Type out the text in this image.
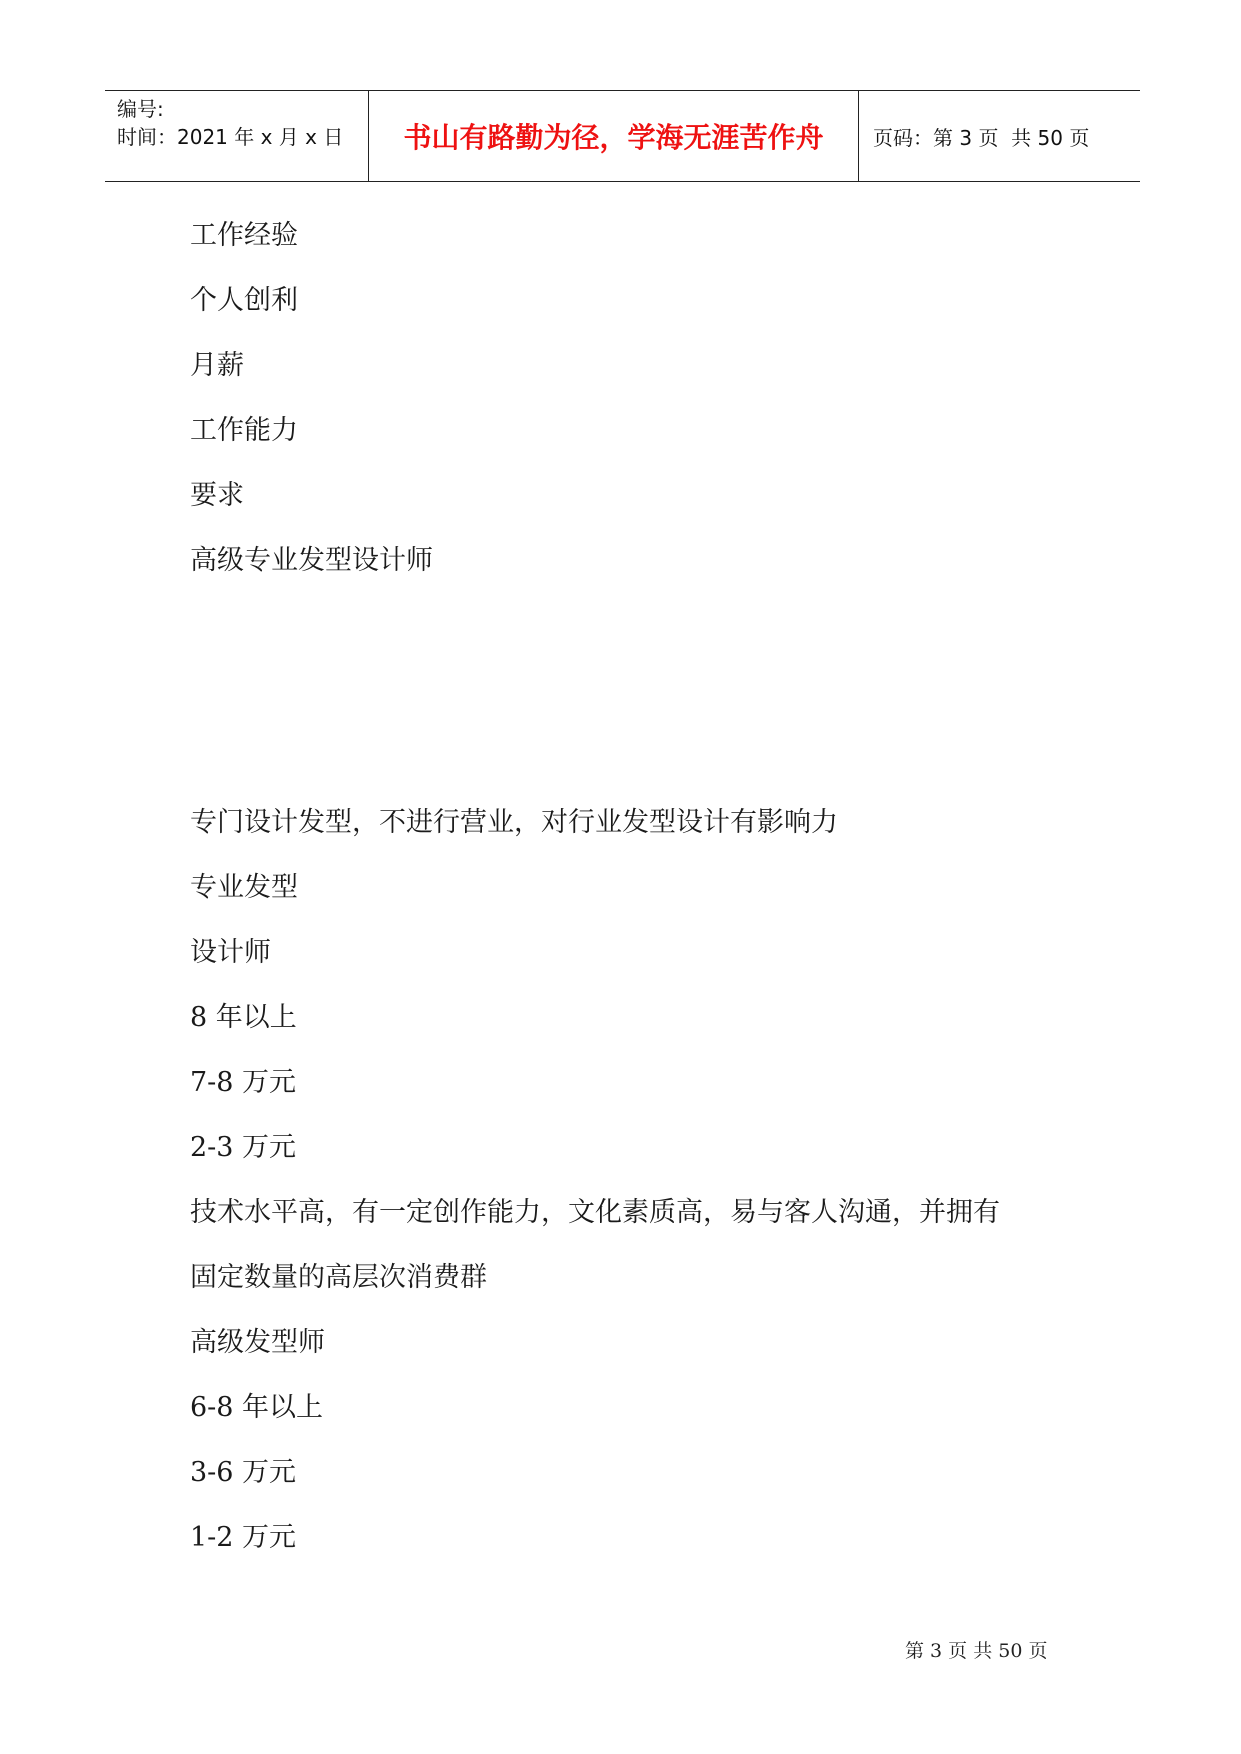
编号:
时间：2021 年 x 月 x 日	书山有路勤为径，学海无涯苦作舟	页码：第 3 页  共 50 页
工作经验
个人创利
月薪
工作能力
要求
高级专业发型设计师
专门设计发型，不进行营业，对行业发型设计有影响力
专业发型
设计师
8 年以上
7-8 万元
2-3 万元
技术水平高，有一定创作能力，文化素质高，易与客人沟通，并拥有
固定数量的高层次消费群
高级发型师
6-8 年以上
3-6 万元
1-2 万元
第 3 页 共 50 页
